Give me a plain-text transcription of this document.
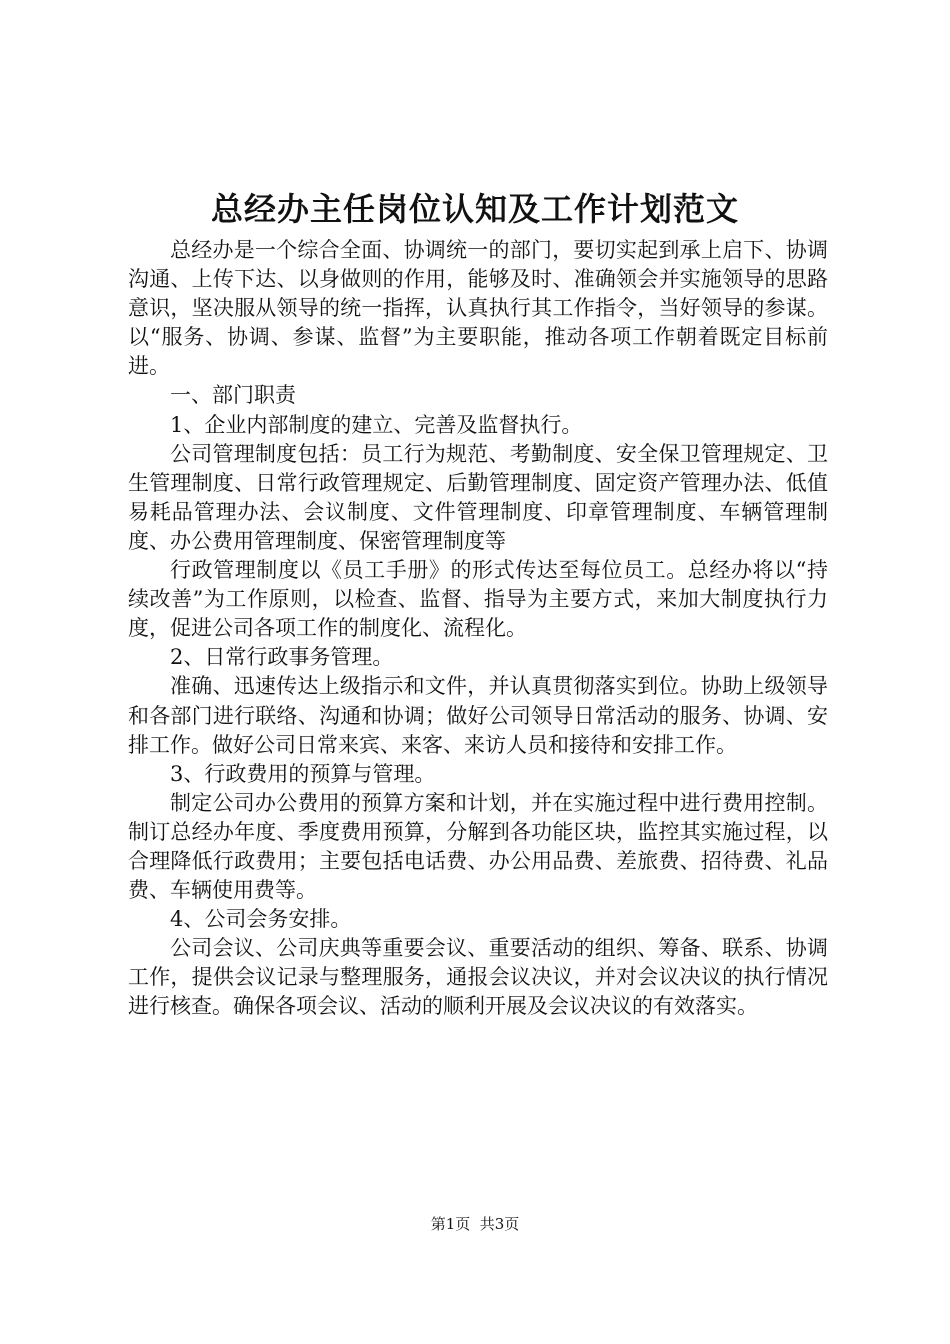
总经办主任岗位认知及工作计划范文

总经办是一个综合全面、协调统一的部门，要切实起到承上启下、协调沟通、上传下达、以身做则的作用，能够及时、准确领会并实施领导的思路意识，坚决服从领导的统一指挥，认真执行其工作指令，当好领导的参谋。以“服务、协调、参谋、监督”为主要职能，推动各项工作朝着既定目标前进。

一、部门职责

1、企业内部制度的建立、完善及监督执行。

公司管理制度包括：员工行为规范、考勤制度、安全保卫管理规定、卫生管理制度、日常行政管理规定、后勤管理制度、固定资产管理办法、低值易耗品管理办法、会议制度、文件管理制度、印章管理制度、车辆管理制度、办公费用管理制度、保密管理制度等

行政管理制度以《员工手册》的形式传达至每位员工。总经办将以“持续改善”为工作原则，以检查、监督、指导为主要方式，来加大制度执行力度，促进公司各项工作的制度化、流程化。

2、日常行政事务管理。

准确、迅速传达上级指示和文件，并认真贯彻落实到位。协助上级领导和各部门进行联络、沟通和协调；做好公司领导日常活动的服务、协调、安排工作。做好公司日常来宾、来客、来访人员和接待和安排工作。

3、行政费用的预算与管理。

制定公司办公费用的预算方案和计划，并在实施过程中进行费用控制。制订总经办年度、季度费用预算，分解到各功能区块，监控其实施过程，以合理降低行政费用；主要包括电话费、办公用品费、差旅费、招待费、礼品费、车辆使用费等。

4、公司会务安排。

公司会议、公司庆典等重要会议、重要活动的组织、筹备、联系、协调工作，提供会议记录与整理服务，通报会议决议，并对会议决议的执行情况进行核查。确保各项会议、活动的顺利开展及会议决议的有效落实。

第1页  共3页
